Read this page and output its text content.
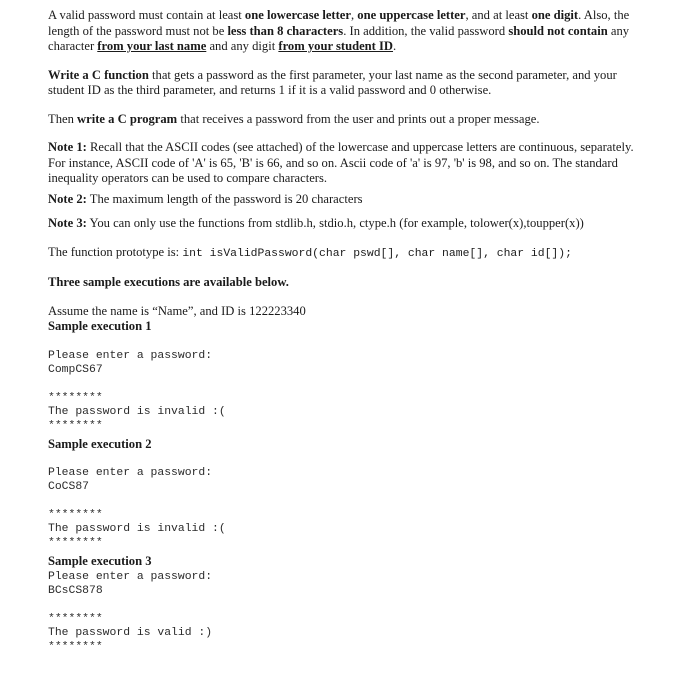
A valid password must contain at least one lowercase letter, one uppercase letter, and at least one digit. Also, the length of the password must not be less than 8 characters. In addition, the valid password should not contain any character from your last name and any digit from your student ID.

Write a C function that gets a password as the first parameter, your last name as the second parameter, and your student ID as the third parameter, and returns 1 if it is a valid password and 0 otherwise.

Then write a C program that receives a password from the user and prints out a proper message.

Note 1: Recall that the ASCII codes (see attached) of the lowercase and uppercase letters are continuous, separately. For instance, ASCII code of 'A' is 65, 'B' is 66, and so on. Ascii code of 'a' is 97, 'b' is 98, and so on. The standard inequality operators can be used to compare characters.

Note 2: The maximum length of the password is 20 characters

Note 3: You can only use the functions from stdlib.h, stdio.h, ctype.h (for example, tolower(x),toupper(x))

The function prototype is: int isValidPassword(char pswd[], char name[], char id[]);

Three sample executions are available below.

Assume the name is “Name”, and ID is 122223340

Sample execution 1

Please enter a password:

CompCS67

********

The password is invalid :(

********

Sample execution 2

Please enter a password:

CoCS87

********

The password is invalid :(

********

Sample execution 3

Please enter a password:

BCsCS878

********

The password is valid :)

********
